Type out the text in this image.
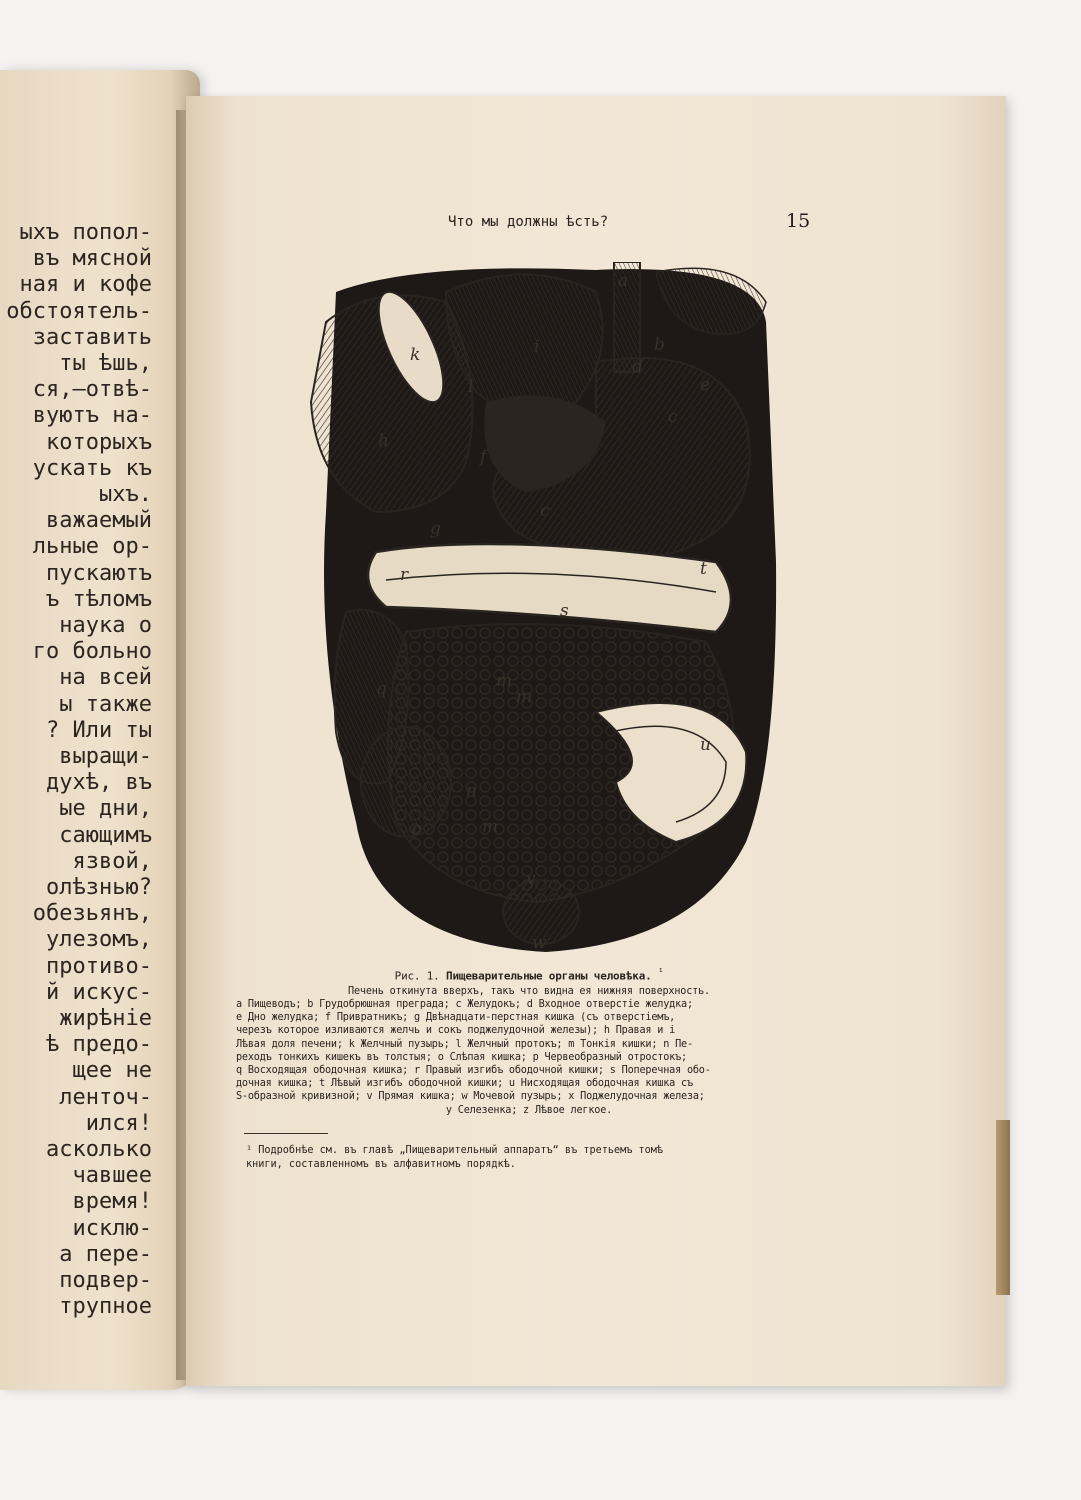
ыхъ попол-
въ мясной
ная и кофе
обстоятель-
заставить
ты ѣшь,
ся,—отвѣ-
вуютъ на-
которыхъ
ускать къ
ыхъ.
важаемый
льные ор-
пускаютъ
ъ тѣломъ
наука о
го больно
на всей
ы также
? Или ты
выращи-
духѣ, въ
ые дни,
сающимъ
язвой,
олѣзнью?
обезьянъ,
улезомъ,
противо-
й искус-
жирѣніе
ѣ предо-
щее не
ленточ-
ился!
асколько
чавшее
время!
исклю-
а пере-
подвер-
трупное
Что мы должны ѣсть?	15
a
b
c
d
e
c
h
i
k
l
f
g
r
s
t
q	m
m
n
u
v
m
o
w
Рис. 1. Пищеварительные органы человѣка. $^{^1}$
Печень откинута вверхъ, такъ что видна ея нижняя поверхность.
а Пищеводъ; b Грудобрюшная преграда; c Желудокъ; d Входное отверстіе желудка;
e Дно желудка; f Привратникъ; g Двѣнадцати-перстная кишка (съ отверстіемъ,
черезъ которое изливаются желчь и сокъ поджелудочной железы); h Правая и i
Лѣвая доля печени; k Желчный пузырь; l Желчный протокъ; m Тонкія кишки; n Пе-
реходъ тонкихъ кишекъ въ толстыя; o Слѣпая кишка; p Червеобразный отростокъ;
q Восходящая ободочная кишка; r Правый изгибъ ободочной кишки; s Поперечная обо-
дочная кишка; t Лѣвый изгибъ ободочной кишки; u Нисходящая ободочная кишка съ
S-образной кривизной; v Прямая кишка; w Мочевой пузырь; x Поджелудочная железа;
y Селезенка; z Лѣвое легкое.
¹ Подробнѣе см. въ главѣ „Пищеварительный аппаратъ“ въ третьемъ томѣ
книги, составленномъ въ алфавитномъ порядкѣ.
